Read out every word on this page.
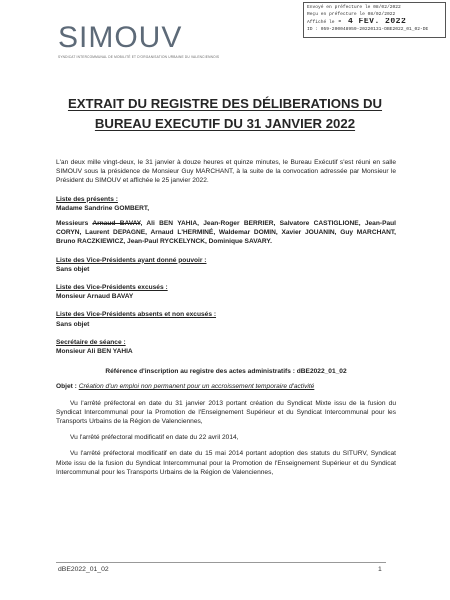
Envoyé en préfecture le 08/02/2022
Reçu en préfecture le 08/02/2022
Affiché le - 4 FEV. 2022
ID : 059-200048959-20220131-DBE2022_01_02-DE
SIMOUV
SYNDICAT INTERCOMMUNAL DE MOBILITÉ ET D'ORGANISATION URBAINE DU VALENCIENNOIS
EXTRAIT DU REGISTRE DES DÉLIBERATIONS DU
BUREAU EXECUTIF DU 31 JANVIER 2022
L'an deux mille vingt-deux, le 31 janvier à douze heures et quinze minutes, le Bureau Exécutif s'est réuni en salle SIMOUV sous la présidence de Monsieur Guy MARCHANT, à la suite de la convocation adressée par Monsieur le Président du SIMOUV et affichée le 25 janvier 2022.
Liste des présents :
Madame Sandrine GOMBERT,
Messieurs Arnaud BAVAY, Ali BEN YAHIA, Jean-Roger BERRIER, Salvatore CASTIGLIONE, Jean-Paul CORYN, Laurent DEPAGNE, Arnaud L'HERMINÉ, Waldemar DOMIN, Xavier JOUANIN, Guy MARCHANT, Bruno RACZKIEWICZ, Jean-Paul RYCKELYNCK, Dominique SAVARY.
Liste des Vice-Présidents ayant donné pouvoir :
Sans objet
Liste des Vice-Présidents excusés :
Monsieur Arnaud BAVAY
Liste des Vice-Présidents absents et non excusés :
Sans objet
Secrétaire de séance :
Monsieur Ali BEN YAHIA
Référence d'inscription au registre des actes administratifs : dBE2022_01_02
Objet : Création d'un emploi non permanent pour un accroissement temporaire d'activité
Vu l'arrêté préfectoral en date du 31 janvier 2013 portant création du Syndicat Mixte issu de la fusion du Syndicat Intercommunal pour la Promotion de l'Enseignement Supérieur et du Syndicat Intercommunal pour les Transports Urbains de la Région de Valenciennes,
Vu l'arrêté préfectoral modificatif en date du 22 avril 2014,
Vu l'arrêté préfectoral modificatif en date du 15 mai 2014 portant adoption des statuts du SITURV, Syndicat Mixte issu de la fusion du Syndicat Intercommunal pour la Promotion de l'Enseignement Supérieur et du Syndicat Intercommunal pour les Transports Urbains de la Région de Valenciennes,
dBE2022_01_02	1
